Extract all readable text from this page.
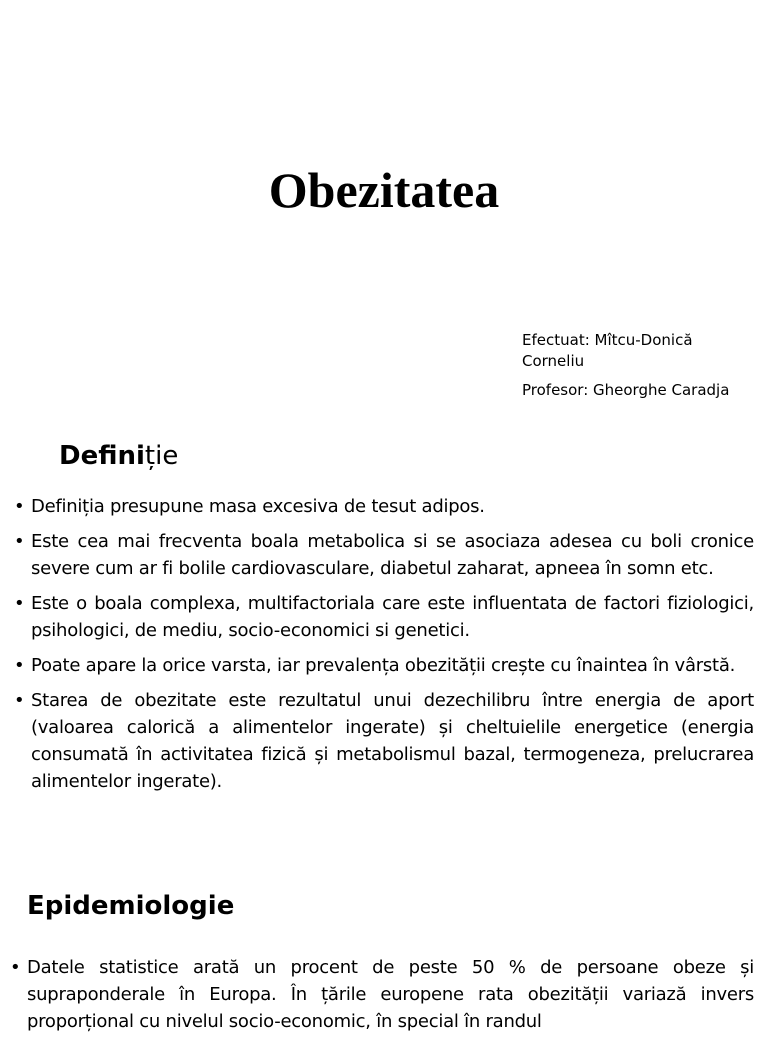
Obezitatea

Efectuat: Mîtcu-Donică Corneliu

Profesor: Gheorghe Caradja

Definiție
• Definiția presupune masa excesiva de tesut adipos.
• Este cea mai frecventa boala metabolica si se asociaza adesea cu boli cronice severe cum ar fi bolile cardiovasculare, diabetul zaharat, apneea în somn etc.
• Este o boala complexa, multifactoriala care este influentata de factori fiziologici, psihologici, de mediu, socio-economici si genetici.
• Poate apare la orice varsta, iar prevalența obezității crește cu înaintea în vârstă.
• Starea de obezitate este rezultatul unui dezechilibru între energia de aport (valoarea calorică a alimentelor ingerate) și cheltuielile energetice (energia consumată în activitatea fizică și metabolismul bazal, termogeneza, prelucrarea alimentelor ingerate).
Epidemiologie
• Datele statistice arată un procent de peste 50 % de persoane obeze și supraponderale în Europa. În țările europene rata obezității variază invers proporțional cu nivelul socio-economic, în special în randul
